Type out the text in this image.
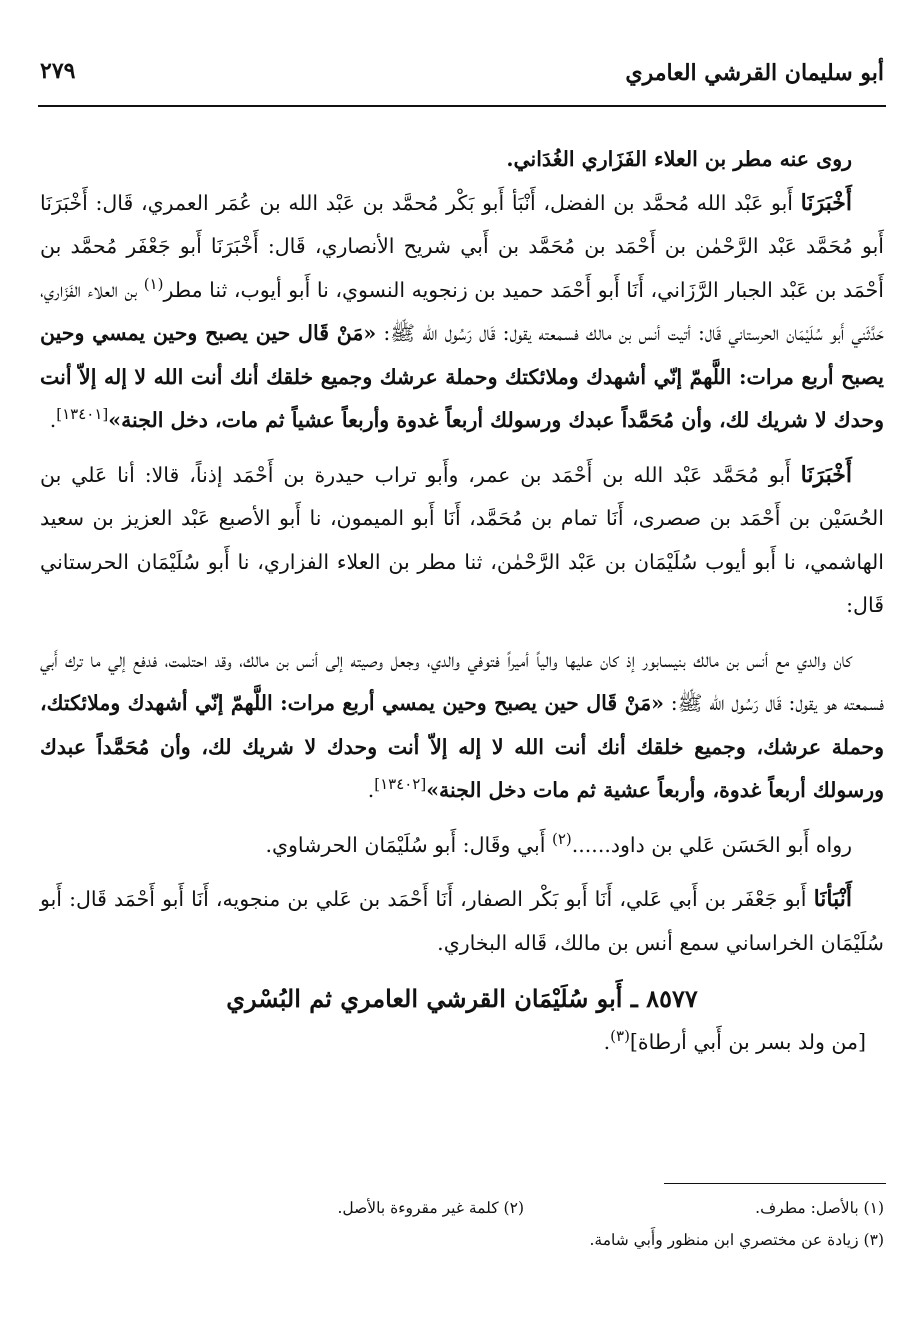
أبو سليمان القرشي العامري
٢٧٩

روى عنه مطر بن العلاء الفَزَاري الغُدَاني.

أَخْبَرَنَا أَبو عَبْد الله مُحمَّد بن الفضل، أَنْبَأ أَبو بَكْر مُحمَّد بن عَبْد الله بن عُمَر العمري، قَال: أَخْبَرَنَا أَبو مُحَمَّد عَبْد الرَّحْمٰن بن أَحْمَد بن مُحَمَّد بن أَبي شريح الأنصاري، قَال: أَخْبَرَنَا أَبو جَعْفَر مُحمَّد بن أَحْمَد بن عَبْد الجبار الرَّزَاني، أَنَا أَبو أَحْمَد حميد بن زنجويه النسوي، نا أَبو أيوب، ثنا مطر$^{(١)}$ بن العلاء الفَزَاري، حَدَّثَني أَبو سُلَيْمَان الحرستاني قَال: أتيت أنس بن مالك فسمعته يقول: قَال رَسُول الله ﷺ: «مَنْ قَال حين يصبح وحين يمسي وحين يصبح أربع مرات: اللَّهمّ إنّي أشهدك وملائكتك وحملة عرشك وجميع خلقك أنك أنت الله لا إله إلاّ أنت وحدك لا شريك لك، وأن مُحَمَّداً عبدك ورسولك أربعاً غدوة وأربعاً عشياً ثم مات، دخل الجنة»[١٣٤٠١].

أَخْبَرَنَا أَبو مُحَمَّد عَبْد الله بن أَحْمَد بن عمر، وأَبو تراب حيدرة بن أَحْمَد إذناً، قالا: أنا عَلي بن الحُسَيْن بن أَحْمَد بن صصرى، أَنَا تمام بن مُحَمَّد، أَنَا أَبو الميمون، نا أَبو الأصبع عَبْد العزيز بن سعيد الهاشمي، نا أَبو أيوب سُلَيْمَان بن عَبْد الرَّحْمٰن، ثنا مطر بن العلاء الفزاري، نا أَبو سُلَيْمَان الحرستاني قَال:

كان والدي مع أنس بن مالك بنيسابور إذ كان عليها والياً أميراً فتوفي والدي، وجعل وصيته إلى أنس بن مالك، وقد احتلمت، فدفع إلي ما ترك أَبي فسمعته هو يقول: قَال رَسُول الله ﷺ: «مَنْ قَال حين يصبح وحين يمسي أربع مرات: اللَّهمّ إنّي أشهدك وملائكتك، وحملة عرشك، وجميع خلقك أنك أنت الله لا إله إلاّ أنت وحدك لا شريك لك، وأن مُحَمَّداً عبدك ورسولك أربعاً غدوة، وأربعاً عشية ثم مات دخل الجنة»[١٣٤٠٢].

رواه أَبو الحَسَن عَلي بن داود......$^{(٢)}$ أَبي وقَال: أَبو سُلَيْمَان الحرشاوي.

أَنْبَأنَا أَبو جَعْفَر بن أَبي عَلي، أَنَا أَبو بَكْر الصفار، أَنَا أَحْمَد بن عَلي بن منجويه، أَنَا أَبو أَحْمَد قَال: أَبو سُلَيْمَان الخراساني سمع أنس بن مالك، قَاله البخاري.

٨٥٧٧ ـ أَبو سُلَيْمَان القرشي العامري ثم البُسْري

[من ولد بسر بن أَبي أرطاة]$^{(٣)}$.

(١) بالأصل: مطرف.
(٢) كلمة غير مقروءة بالأصل.
(٣) زيادة عن مختصري ابن منظور وأَبي شامة.
